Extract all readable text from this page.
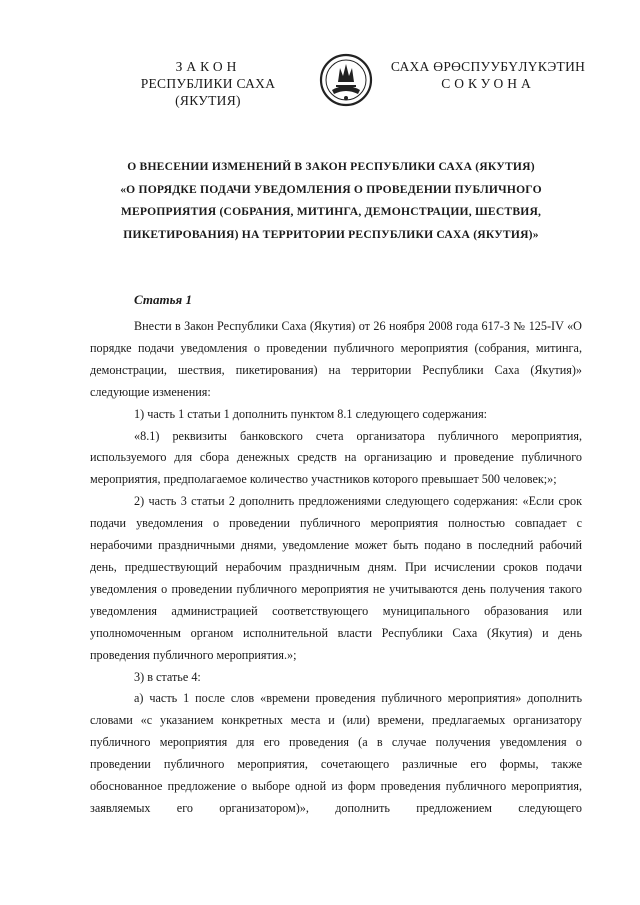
ЗАКОН
РЕСПУБЛИКИ САХА (ЯКУТИЯ)
САХА ӨРӨСПУУБҮЛҮКЭТИН
СОКУОНА
О ВНЕСЕНИИ ИЗМЕНЕНИЙ В ЗАКОН РЕСПУБЛИКИ САХА (ЯКУТИЯ)
«О ПОРЯДКЕ ПОДАЧИ УВЕДОМЛЕНИЯ О ПРОВЕДЕНИИ ПУБЛИЧНОГО
МЕРОПРИЯТИЯ (СОБРАНИЯ, МИТИНГА, ДЕМОНСТРАЦИИ, ШЕСТВИЯ,
ПИКЕТИРОВАНИЯ) НА ТЕРРИТОРИИ РЕСПУБЛИКИ САХА (ЯКУТИЯ)»
Статья 1

Внести в Закон Республики Саха (Якутия) от 26 ноября 2008 года 617-З № 125-IV «О порядке подачи уведомления о проведении публичного мероприятия (собрания, митинга, демонстрации, шествия, пикетирования) на территории Республики Саха (Якутия)» следующие изменения:

1) часть 1 статьи 1 дополнить пунктом 8.1 следующего содержания:

«8.1) реквизиты банковского счета организатора публичного мероприятия, используемого для сбора денежных средств на организацию и проведение публичного мероприятия, предполагаемое количество участников которого превышает 500 человек;»;

2) часть 3 статьи 2 дополнить предложениями следующего содержания: «Если срок подачи уведомления о проведении публичного мероприятия полностью совпадает с нерабочими праздничными днями, уведомление может быть подано в последний рабочий день, предшествующий нерабочим праздничным дням. При исчислении сроков подачи уведомления о проведении публичного мероприятия не учитываются день получения такого уведомления администрацией соответствующего муниципального образования или уполномоченным органом исполнительной власти Республики Саха (Якутия) и день проведения публичного мероприятия.»;

3) в статье 4:

а) часть 1 после слов «времени проведения публичного мероприятия» дополнить словами «с указанием конкретных места и (или) времени, предлагаемых организатору публичного мероприятия для его проведения (а в случае получения уведомления о проведении публичного мероприятия, сочетающего различные его формы, также обоснованное предложение о выборе одной из форм проведения публичного мероприятия, заявляемых его организатором)», дополнить предложением следующего
